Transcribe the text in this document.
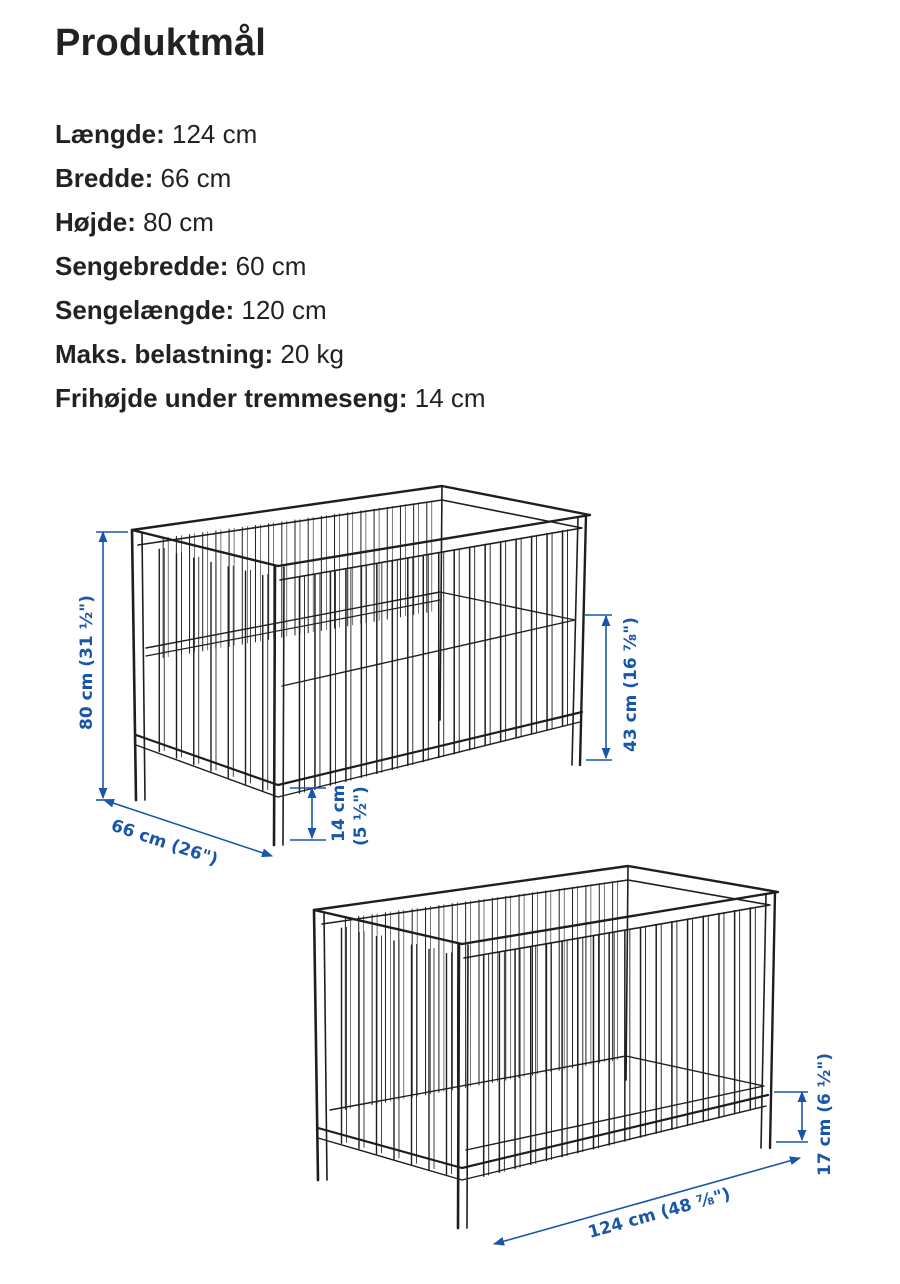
Produktmål
Længde: 124 cm
Bredde: 66 cm
Højde: 80 cm
Sengebredde: 60 cm
Sengelængde: 120 cm
Maks. belastning: 20 kg
Frihøjde under tremmeseng: 14 cm
80 cm (31 ½")
66 cm (26")
14 cm (5 ½")
43 cm (16 ⅞")
17 cm (6 ½")
124 cm (48 ⅞")
